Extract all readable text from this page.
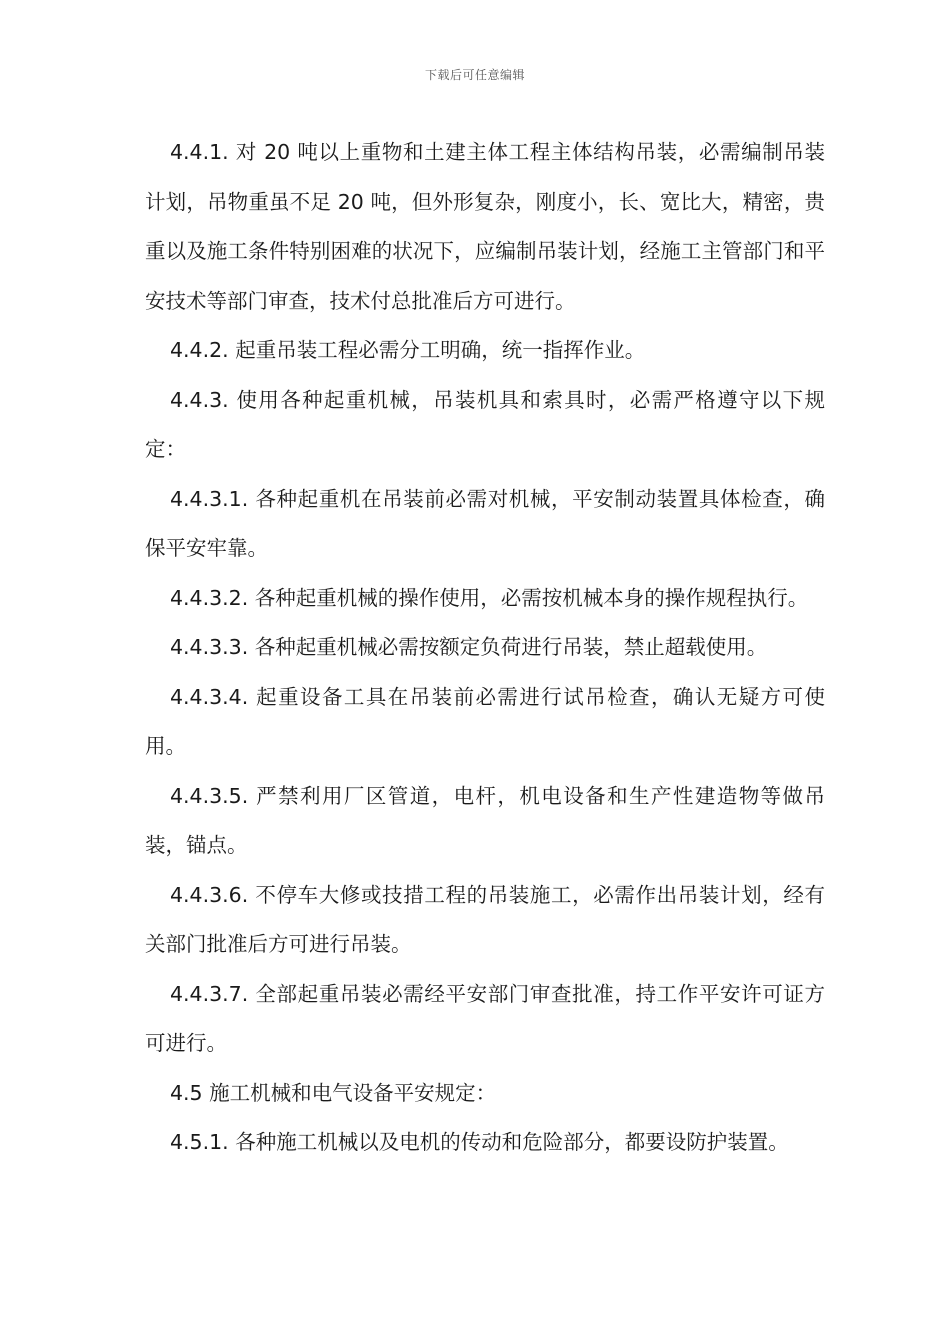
下载后可任意编辑

4.4.1. 对 20 吨以上重物和土建主体工程主体结构吊装，必需编制吊装计划，吊物重虽不足 20 吨，但外形复杂，刚度小，长、宽比大，精密，贵重以及施工条件特别困难的状况下，应编制吊装计划，经施工主管部门和平安技术等部门审查，技术付总批准后方可进行。

4.4.2. 起重吊装工程必需分工明确，统一指挥作业。

4.4.3. 使用各种起重机械，吊装机具和索具时，必需严格遵守以下规定：

4.4.3.1. 各种起重机在吊装前必需对机械，平安制动装置具体检查，确保平安牢靠。

4.4.3.2. 各种起重机械的操作使用，必需按机械本身的操作规程执行。

4.4.3.3. 各种起重机械必需按额定负荷进行吊装，禁止超载使用。

4.4.3.4. 起重设备工具在吊装前必需进行试吊检查，确认无疑方可使用。

4.4.3.5. 严禁利用厂区管道，电杆，机电设备和生产性建造物等做吊装，锚点。

4.4.3.6. 不停车大修或技措工程的吊装施工，必需作出吊装计划，经有关部门批准后方可进行吊装。

4.4.3.7. 全部起重吊装必需经平安部门审查批准，持工作平安许可证方可进行。

4.5 施工机械和电气设备平安规定：

4.5.1. 各种施工机械以及电机的传动和危险部分，都要设防护装置。
